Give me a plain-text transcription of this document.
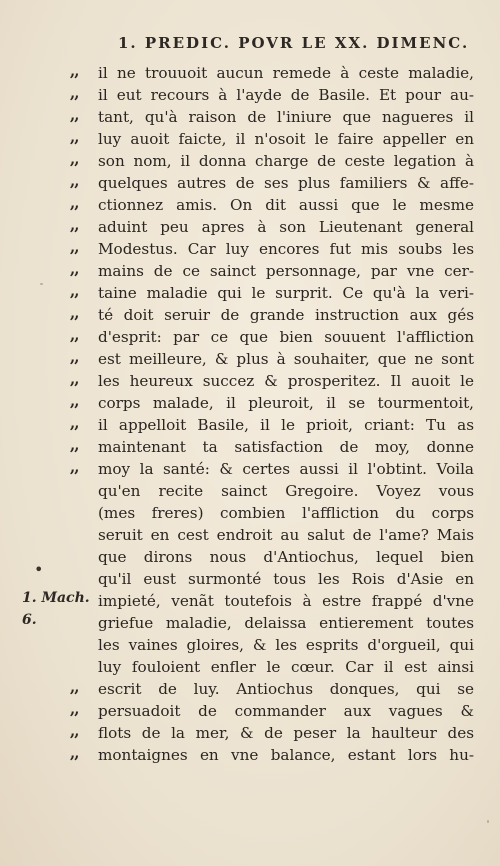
1. PREDIC. POVR LE XX. DIMENC.
•
1. Mach.
6.
,,	il ne trouuoit aucun remede à ceste maladie,
,,	il eut recours à l'ayde de Basile. Et pour au-
,,	tant, qu'à raison de l'iniure que nagueres il
,,	luy auoit faicte, il n'osoit le faire appeller en
,,	son nom, il donna charge de ceste legation à
,,	quelques autres de ses plus familiers & affe-
,,	ctionnez amis. On dit aussi que le mesme
,,	aduint peu apres à son Lieutenant general
,,	Modestus. Car luy encores fut mis soubs les
,,	mains de ce sainct personnage, par vne cer-
,,	taine maladie qui le surprit. Ce qu'à la veri-
,,	té doit seruir de grande instruction aux gés
,,	d'esprit: par ce que bien souuent l'affliction
,,	est meilleure, & plus à souhaiter, que ne sont
,,	les heureux succez & prosperitez. Il auoit le
,,	corps malade, il pleuroit, il se tourmentoit,
,,	il appelloit Basile, il le prioit, criant: Tu as
,,	maintenant ta satisfaction de moy, donne
,,	moy la santé: & certes aussi il l'obtint. Voila
qu'en recite sainct Gregoire. Voyez vous
(mes freres) combien l'affliction du corps
seruit en cest endroit au salut de l'ame? Mais
que dirons nous d'Antiochus, lequel bien
qu'il eust surmonté tous les Rois d'Asie en
impieté, venãt toutefois à estre frappé d'vne
griefue maladie, delaissa entierement toutes
les vaines gloires, & les esprits d'orgueil, qui
luy fouloient enfler le cœur. Car il est ainsi
,,	escrit de luy. Antiochus donques, qui se
,,	persuadoit de commander aux vagues &
,,	flots de la mer, & de peser la haulteur des
,,	montaignes en vne balance, estant lors hu-
